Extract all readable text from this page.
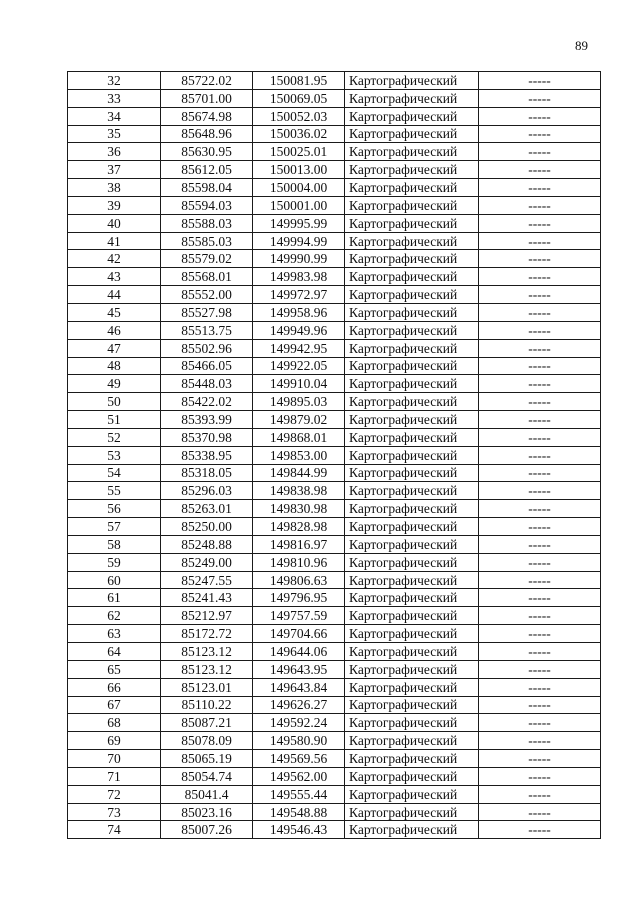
89
32	85722.02	150081.95	Картографический	-----
33	85701.00	150069.05	Картографический	-----
34	85674.98	150052.03	Картографический	-----
35	85648.96	150036.02	Картографический	-----
36	85630.95	150025.01	Картографический	-----
37	85612.05	150013.00	Картографический	-----
38	85598.04	150004.00	Картографический	-----
39	85594.03	150001.00	Картографический	-----
40	85588.03	149995.99	Картографический	-----
41	85585.03	149994.99	Картографический	-----
42	85579.02	149990.99	Картографический	-----
43	85568.01	149983.98	Картографический	-----
44	85552.00	149972.97	Картографический	-----
45	85527.98	149958.96	Картографический	-----
46	85513.75	149949.96	Картографический	-----
47	85502.96	149942.95	Картографический	-----
48	85466.05	149922.05	Картографический	-----
49	85448.03	149910.04	Картографический	-----
50	85422.02	149895.03	Картографический	-----
51	85393.99	149879.02	Картографический	-----
52	85370.98	149868.01	Картографический	-----
53	85338.95	149853.00	Картографический	-----
54	85318.05	149844.99	Картографический	-----
55	85296.03	149838.98	Картографический	-----
56	85263.01	149830.98	Картографический	-----
57	85250.00	149828.98	Картографический	-----
58	85248.88	149816.97	Картографический	-----
59	85249.00	149810.96	Картографический	-----
60	85247.55	149806.63	Картографический	-----
61	85241.43	149796.95	Картографический	-----
62	85212.97	149757.59	Картографический	-----
63	85172.72	149704.66	Картографический	-----
64	85123.12	149644.06	Картографический	-----
65	85123.12	149643.95	Картографический	-----
66	85123.01	149643.84	Картографический	-----
67	85110.22	149626.27	Картографический	-----
68	85087.21	149592.24	Картографический	-----
69	85078.09	149580.90	Картографический	-----
70	85065.19	149569.56	Картографический	-----
71	85054.74	149562.00	Картографический	-----
72	85041.4	149555.44	Картографический	-----
73	85023.16	149548.88	Картографический	-----
74	85007.26	149546.43	Картографический	-----
